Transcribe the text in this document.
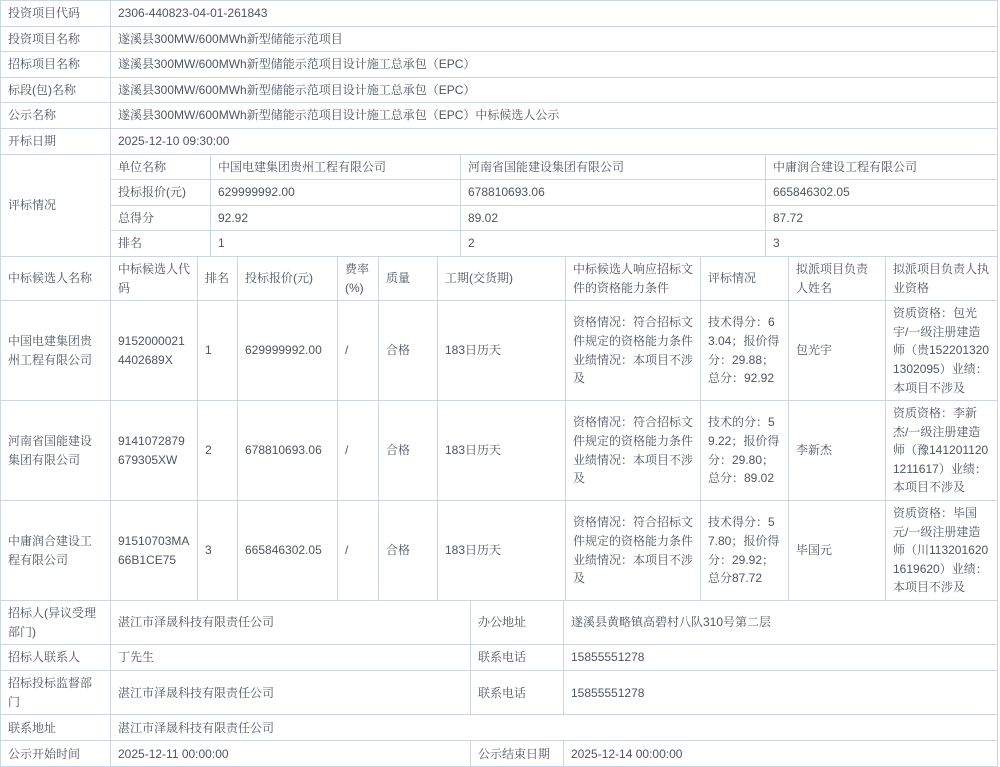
投资项目代码	2306-440823-04-01-261843
投资项目名称	遂溪县300MW/600MWh新型储能示范项目
招标项目名称	遂溪县300MW/600MWh新型储能示范项目设计施工总承包（EPC）
标段(包)名称	遂溪县300MW/600MWh新型储能示范项目设计施工总承包（EPC）
公示名称	遂溪县300MW/600MWh新型储能示范项目设计施工总承包（EPC）中标候选人公示
开标日期	2025-12-10 09:30:00
评标情况	单位名称	中国电建集团贵州工程有限公司	河南省国能建设集团有限公司	中庸润合建设工程有限公司
	投标报价(元)	629999992.00	678810693.06	665846302.05
	总得分	92.92	89.02	87.72
	排名	1	2	3
中标候选人名称	中标候选人代码	排名	投标报价(元)	费率(%)	质量	工期(交货期)	中标候选人响应招标文件的资格能力条件	评标情况	拟派项目负责人姓名	拟派项目负责人执业资格
中国电建集团贵州工程有限公司	91520000214402689X	1	629999992.00	/	合格	183日历天	资格情况：符合招标文件规定的资格能力条件业绩情况：本项目不涉及	技术得分：63.04；报价得分：29.88；总分：92.92	包光宇	资质资格：包光宇/一级注册建造师（贵1522013201302095）业绩：本项目不涉及
河南省国能建设集团有限公司	9141072879679305XW	2	678810693.06	/	合格	183日历天	资格情况：符合招标文件规定的资格能力条件业绩情况：本项目不涉及	技术的分：59.22；报价得分：29.80；总分：89.02	李新杰	资质资格：李新杰/一级注册建造师（豫1412011201211617）业绩：本项目不涉及
中庸润合建设工程有限公司	91510703MA66B1CE75	3	665846302.05	/	合格	183日历天	资格情况：符合招标文件规定的资格能力条件业绩情况：本项目不涉及	技术得分：57.80；报价得分：29.92；总分87.72	毕国元	资质资格：毕国元/一级注册建造师（川1132016201619620）业绩：本项目不涉及
招标人(异议受理部门)	湛江市泽晟科技有限责任公司	办公地址	遂溪县黄略镇高碧村八队310号第二层
招标人联系人	丁先生	联系电话	15855551278
招标投标监督部门	湛江市泽晟科技有限责任公司	联系电话	15855551278
联系地址	湛江市泽晟科技有限责任公司		
公示开始时间	2025-12-11 00:00:00	公示结束日期	2025-12-14 00:00:00
